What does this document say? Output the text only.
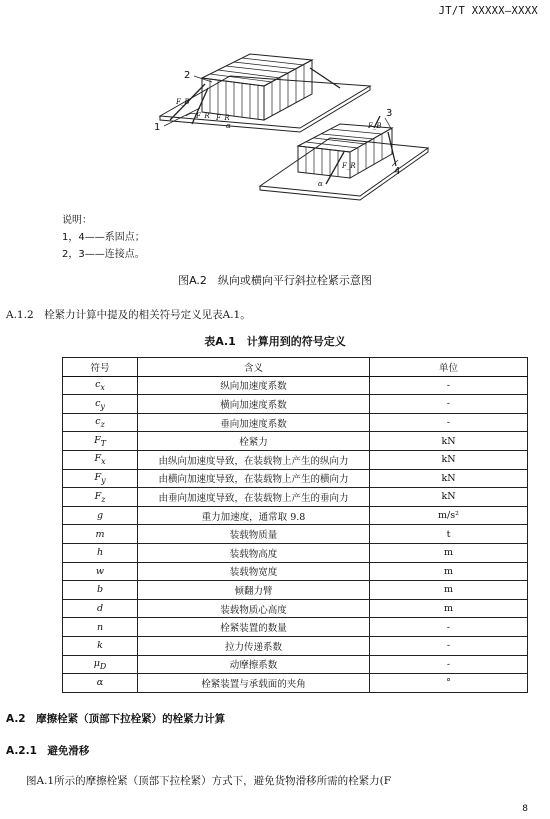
JT/T XXXXX—XXXX
1
2
3
4
F_B
F_R F_R
α	F_B
F_R
α
说明：
1，4——系固点；
2，3——连接点。
图A.2　纵向或横向平行斜拉栓紧示意图
A.1.2　栓紧力计算中提及的相关符号定义见表A.1。
表A.1　计算用到的符号定义
符号	含义	单位
$c_x$	纵向加速度系数	-
$c_y$	横向加速度系数	-
$c_z$	垂向加速度系数	-
$F_T$	栓紧力	kN
$F_x$	由纵向加速度导致，在装载物上产生的纵向力	kN
$F_y$	由横向加速度导致，在装载物上产生的横向力	kN
$F_z$	由垂向加速度导致，在装载物上产生的垂向力	kN
g	重力加速度，通常取 9.8	m/s²
m	装载物质量	t
h	装载物高度	m
w	装载物宽度	m
b	倾翻力臂	m
d	装载物质心高度	m
n	栓紧装置的数量	-
k	拉力传递系数	-
$\mu_D$	动摩擦系数	-
α	栓紧装置与承载面的夹角	°
A.2　摩擦栓紧（顶部下拉栓紧）的栓紧力计算
A.2.1　避免滑移
图A.1所示的摩擦栓紧（顶部下拉栓紧）方式下，避免货物滑移所需的栓紧力(F
8
